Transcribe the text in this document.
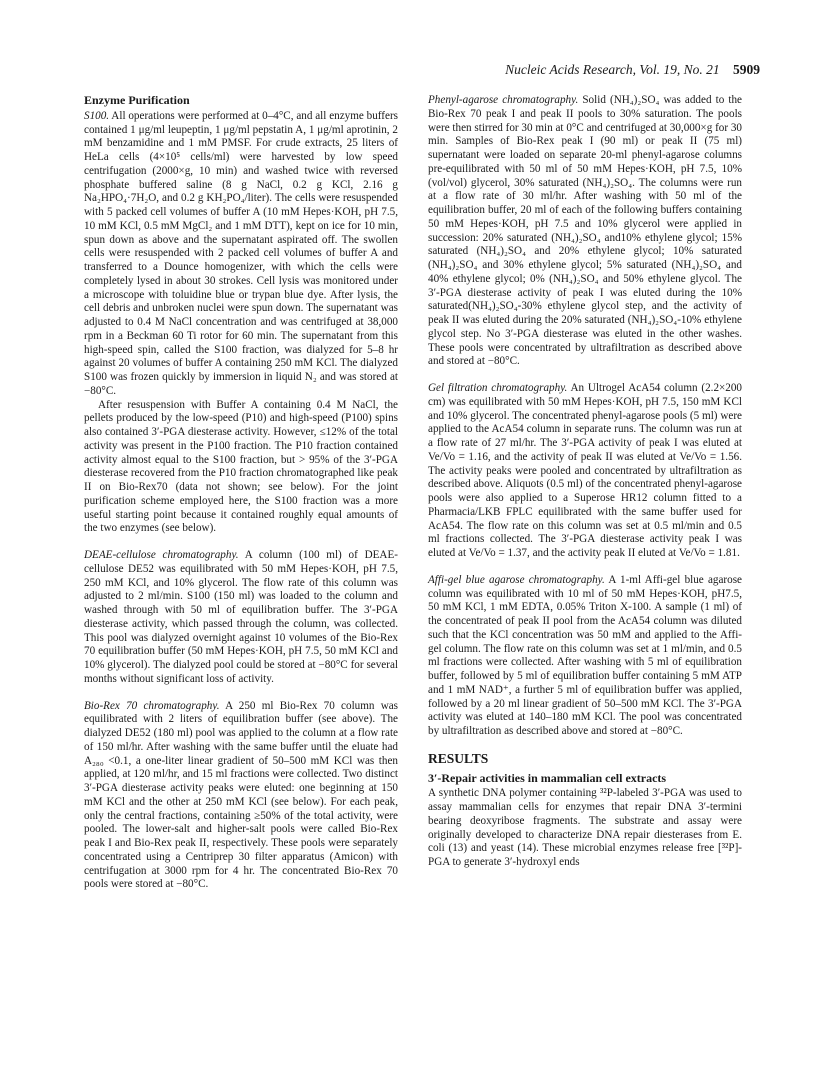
Nucleic Acids Research, Vol. 19, No. 21 5909
Enzyme Purification

S100. All operations were performed at 0–4°C, and all enzyme buffers contained 1 μg/ml leupeptin, 1 μg/ml pepstatin A, 1 μg/ml aprotinin, 2 mM benzamidine and 1 mM PMSF. For crude extracts, 25 liters of HeLa cells (4×10⁵ cells/ml) were harvested by low speed centrifugation (2000×g, 10 min) and washed twice with reversed phosphate buffered saline (8 g NaCl, 0.2 g KCl, 2.16 g Na₂HPO₄·7H₂O, and 0.2 g KH₂PO₄/liter). The cells were resuspended with 5 packed cell volumes of buffer A (10 mM Hepes·KOH, pH 7.5, 10 mM KCl, 0.5 mM MgCl₂ and 1 mM DTT), kept on ice for 10 min, spun down as above and the supernatant aspirated off. The swollen cells were resuspended with 2 packed cell volumes of buffer A and transferred to a Dounce homogenizer, with which the cells were completely lysed in about 30 strokes. Cell lysis was monitored under a microscope with toluidine blue or trypan blue dye. After lysis, the cell debris and unbroken nuclei were spun down. The supernatant was adjusted to 0.4 M NaCl concentration and was centrifuged at 38,000 rpm in a Beckman 60 Ti rotor for 60 min. The supernatant from this high-speed spin, called the S100 fraction, was dialyzed for 5–8 hr against 20 volumes of buffer A containing 250 mM KCl. The dialyzed S100 was frozen quickly by immersion in liquid N₂ and was stored at −80°C.

After resuspension with Buffer A containing 0.4 M NaCl, the pellets produced by the low-speed (P10) and high-speed (P100) spins also contained 3′-PGA diesterase activity. However, ≤12% of the total activity was present in the P100 fraction. The P10 fraction contained activity almost equal to the S100 fraction, but > 95% of the 3′-PGA diesterase recovered from the P10 fraction chromatographed like peak II on Bio-Rex70 (data not shown; see below). For the joint purification scheme employed here, the S100 fraction was a more useful starting point because it contained roughly equal amounts of the two enzymes (see below).

DEAE-cellulose chromatography. A column (100 ml) of DEAE-cellulose DE52 was equilibrated with 50 mM Hepes·KOH, pH 7.5, 250 mM KCl, and 10% glycerol. The flow rate of this column was adjusted to 2 ml/min. S100 (150 ml) was loaded to the column and washed through with 50 ml of equilibration buffer. The 3′-PGA diesterase activity, which passed through the column, was collected. This pool was dialyzed overnight against 10 volumes of the Bio-Rex 70 equilibration buffer (50 mM Hepes·KOH, pH 7.5, 50 mM KCl and 10% glycerol). The dialyzed pool could be stored at −80°C for several months without significant loss of activity.

Bio-Rex 70 chromatography. A 250 ml Bio-Rex 70 column was equilibrated with 2 liters of equilibration buffer (see above). The dialyzed DE52 (180 ml) pool was applied to the column at a flow rate of 150 ml/hr. After washing with the same buffer until the eluate had A₂₈₀ <0.1, a one-liter linear gradient of 50–500 mM KCl was then applied, at 120 ml/hr, and 15 ml fractions were collected. Two distinct 3′-PGA diesterase activity peaks were eluted: one beginning at 150 mM KCl and the other at 250 mM KCl (see below). For each peak, only the central fractions, containing ≥50% of the total activity, were pooled. The lower-salt and higher-salt pools were called Bio-Rex peak I and Bio-Rex peak II, respectively. These pools were separately concentrated using a Centriprep 30 filter apparatus (Amicon) with centrifugation at 3000 rpm for 4 hr. The concentrated Bio-Rex 70 pools were stored at −80°C.

Phenyl-agarose chromatography. Solid (NH₄)₂SO₄ was added to the Bio-Rex 70 peak I and peak II pools to 30% saturation. The pools were then stirred for 30 min at 0°C and centrifuged at 30,000×g for 30 min. Samples of Bio-Rex peak I (90 ml) or peak II (75 ml) supernatant were loaded on separate 20-ml phenyl-agarose columns pre-equilibrated with 50 ml of 50 mM Hepes·KOH, pH 7.5, 10% (vol/vol) glycerol, 30% saturated (NH₄)₂SO₄. The columns were run at a flow rate of 30 ml/hr. After washing with 50 ml of the equilibration buffer, 20 ml of each of the following buffers containing 50 mM Hepes·KOH, pH 7.5 and 10% glycerol were applied in succession: 20% saturated (NH₄)₂SO₄ and10% ethylene glycol; 15% saturated (NH₄)₂SO₄ and 20% ethylene glycol; 10% saturated (NH₄)₂SO₄ and 30% ethylene glycol; 5% saturated (NH₄)₂SO₄ and 40% ethylene glycol; 0% (NH₄)₂SO₄ and 50% ethylene glycol. The 3′-PGA diesterase activity of peak I was eluted during the 10% saturated(NH₄)₂SO₄-30% ethylene glycol step, and the activity of peak II was eluted during the 20% saturated (NH₄)₂SO₄-10% ethylene glycol step. No 3′-PGA diesterase was eluted in the other washes. These pools were concentrated by ultrafiltration as described above and stored at −80°C.

Gel filtration chromatography. An Ultrogel AcA54 column (2.2×200 cm) was equilibrated with 50 mM Hepes·KOH, pH 7.5, 150 mM KCl and 10% glycerol. The concentrated phenyl-agarose pools (5 ml) were applied to the AcA54 column in separate runs. The column was run at a flow rate of 27 ml/hr. The 3′-PGA activity of peak I was eluted at Ve/Vo = 1.16, and the activity of peak II was eluted at Ve/Vo = 1.56. The activity peaks were pooled and concentrated by ultrafiltration as described above. Aliquots (0.5 ml) of the concentrated phenyl-agarose pools were also applied to a Superose HR12 column fitted to a Pharmacia/LKB FPLC equilibrated with the same buffer used for AcA54. The flow rate on this column was set at 0.5 ml/min and 0.5 ml fractions collected. The 3′-PGA diesterase activity peak I was eluted at Ve/Vo = 1.37, and the activity peak II eluted at Ve/Vo = 1.81.

Affi-gel blue agarose chromatography. A 1-ml Affi-gel blue agarose column was equilibrated with 10 ml of 50 mM Hepes·KOH, pH7.5, 50 mM KCl, 1 mM EDTA, 0.05% Triton X-100. A sample (1 ml) of the concentrated of peak II pool from the AcA54 column was diluted such that the KCl concentration was 50 mM and applied to the Affi-gel column. The flow rate on this column was set at 1 ml/min, and 0.5 ml fractions were collected. After washing with 5 ml of equilibration buffer, followed by 5 ml of equilibration buffer containing 5 mM ATP and 1 mM NAD⁺, a further 5 ml of equilibration buffer was applied, followed by a 20 ml linear gradient of 50–500 mM KCl. The 3′-PGA activity was eluted at 140–180 mM KCl. The pool was concentrated by ultrafiltration as described above and stored at −80°C.

RESULTS
3′-Repair activities in mammalian cell extracts

A synthetic DNA polymer containing ³²P-labeled 3′-PGA was used to assay mammalian cells for enzymes that repair DNA 3′-termini bearing deoxyribose fragments. The substrate and assay were originally developed to characterize DNA repair diesterases from E. coli (13) and yeast (14). These microbial enzymes release free [³²P]-PGA to generate 3′-hydroxyl ends
